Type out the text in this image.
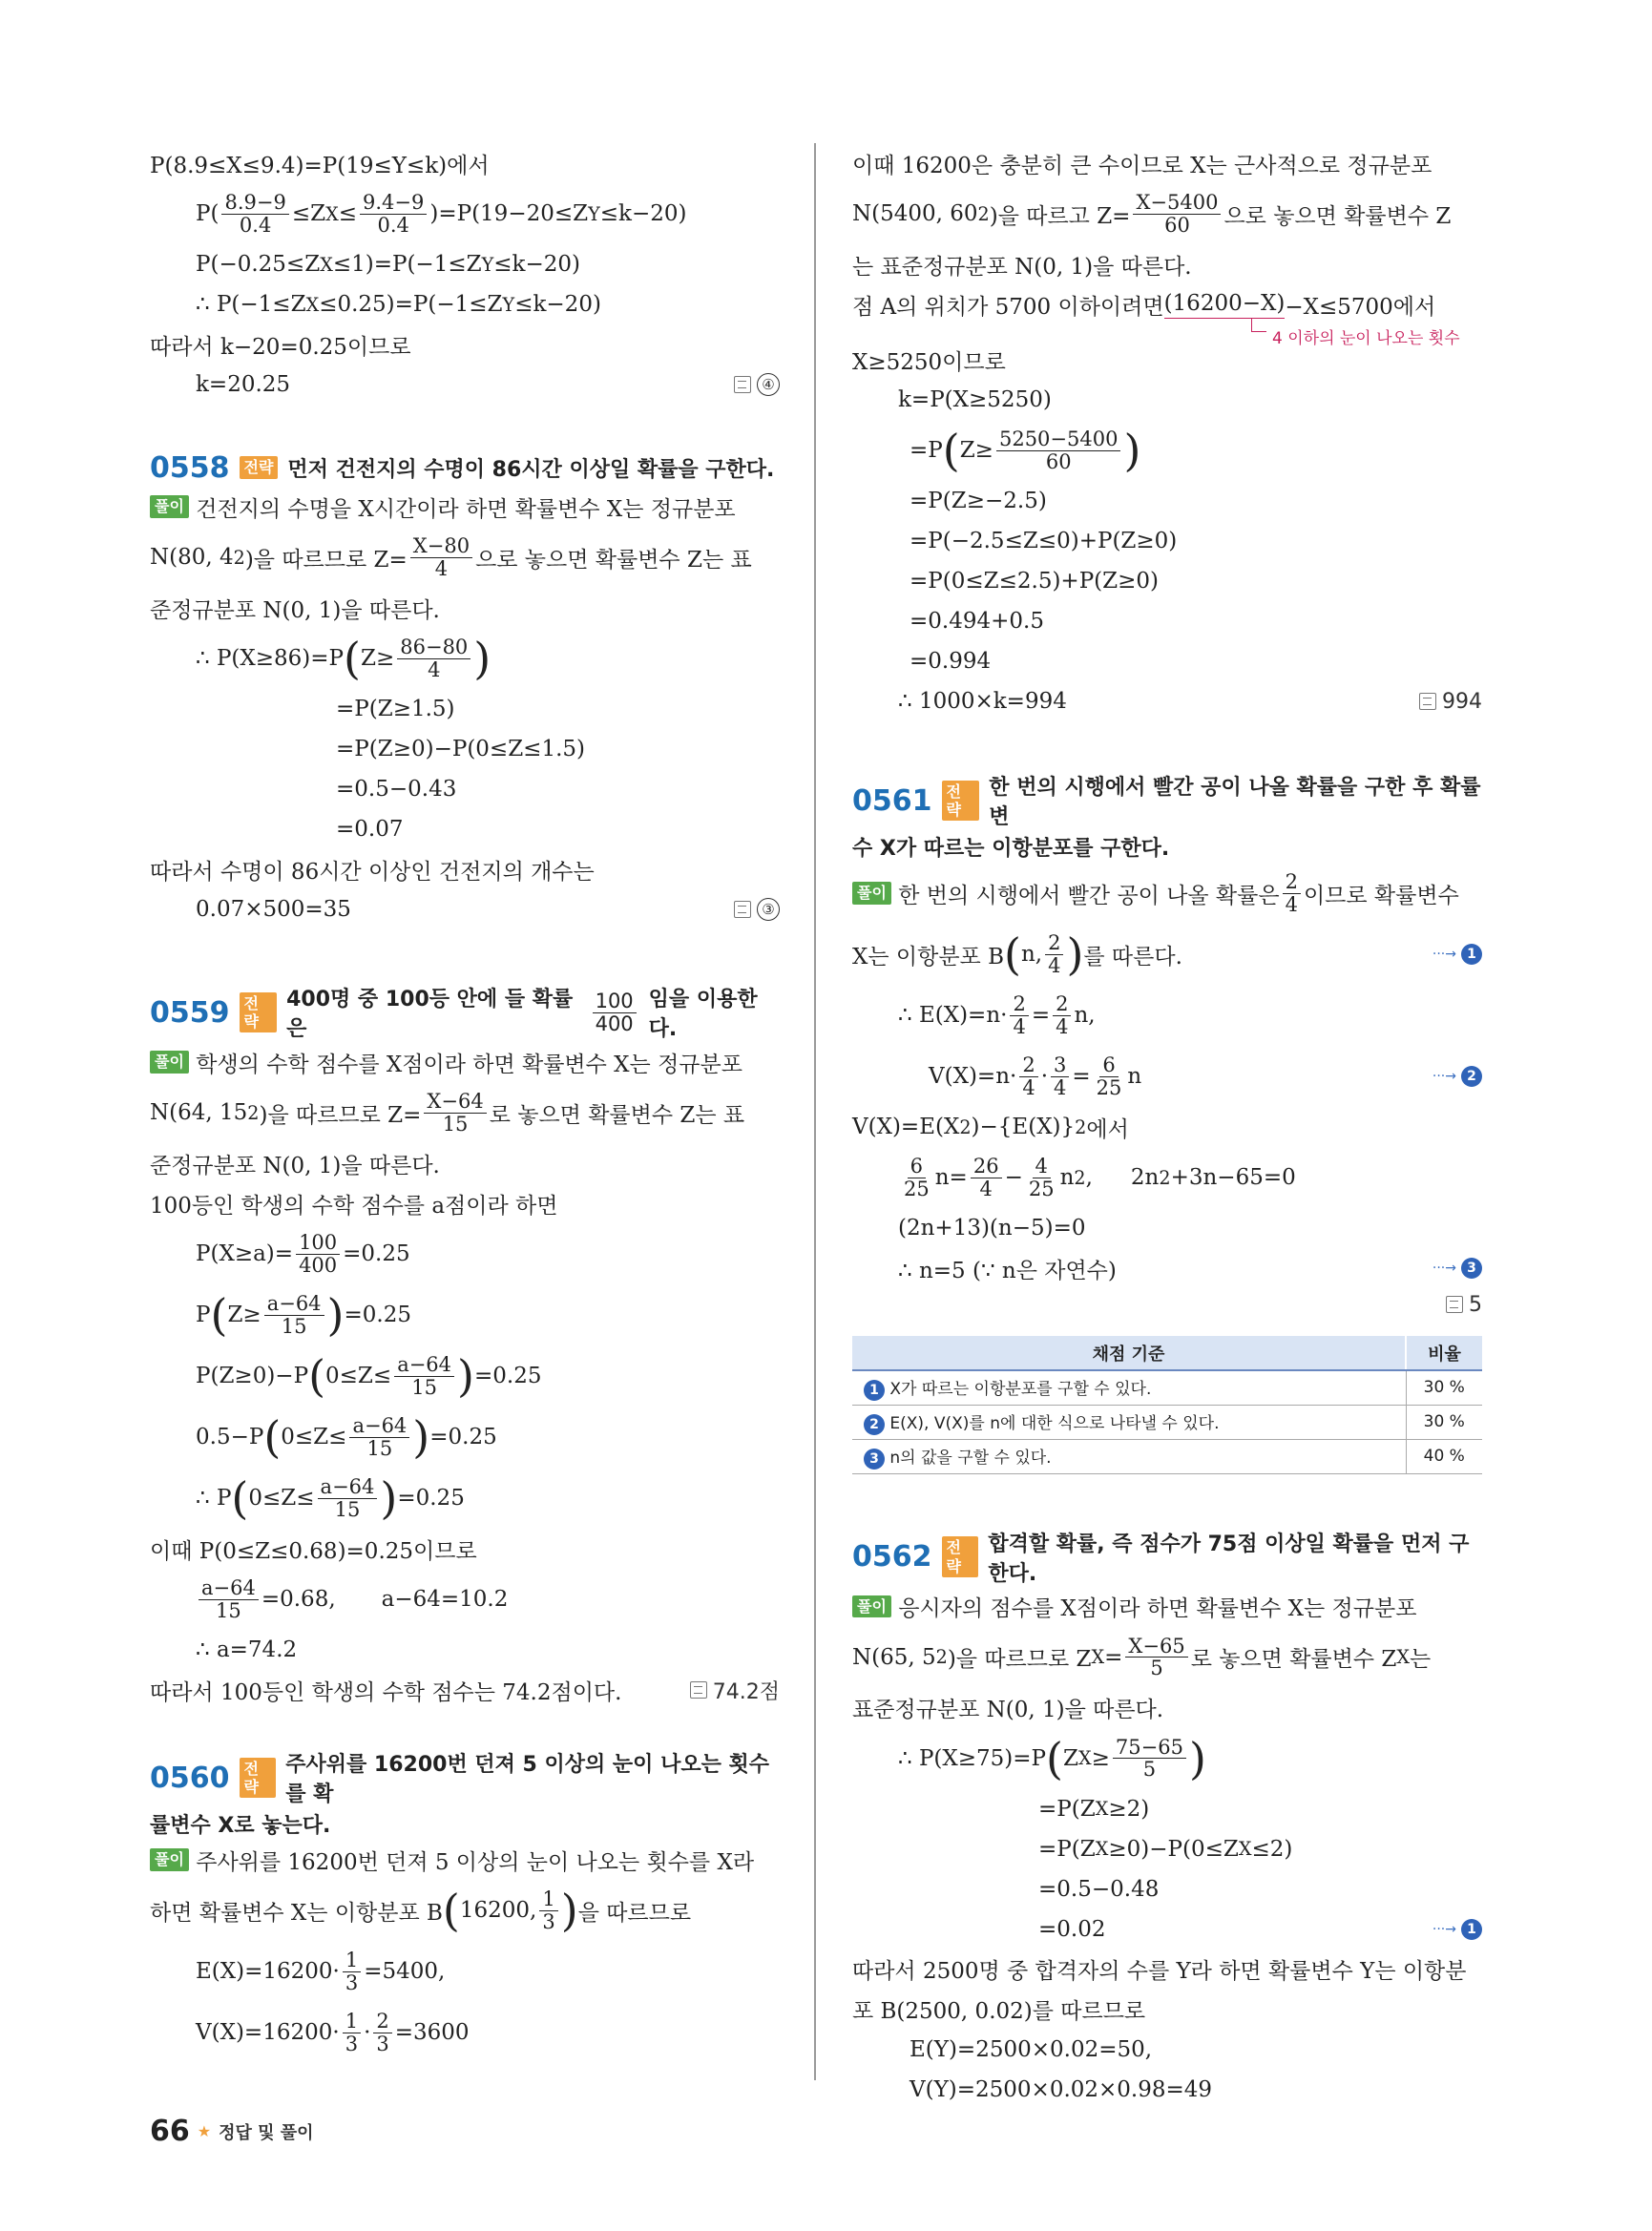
P(8.9≤X≤9.4)=P(19≤Y≤k)에서
$P( \frac{8.9-9}{0.4} \le Z$ $X \le \frac{9.4-9}{0.4} )=P(19-20\le Z$ Y ≤k−20)
P(−0.25≤Z X ≤1)=P(−1≤Z Y ≤k−20)
∴ P(−1≤Z X ≤0.25)=P(−1≤Z Y ≤k−20)
따라서 k−20=0.25이므로
k=20.25	④
0558 전략 먼저 건전지의 수명이 86시간 이상일 확률을 구한다.
풀이
건전지의 수명을 X시간이라 하면 확률변수 X는 정규분포
N(80, 4 2 )을 따르므로 $Z= \frac{X-80}{4}$ 으로 놓으면 확률변수 Z는 표
준정규분포 N(0, 1)을 따른다.
∴ P(X≥86)=P ( $Z\ge \frac{86-80}{4}$ )
=P(Z≥1.5)
=P(Z≥0)−P(0≤Z≤1.5)
=0.5−0.43
=0.07
따라서 수명이 86시간 이상인 건전지의 개수는
0.07×500=35	③
0559 전략
400명 중 100등 안에 들 확률은	$\frac{100}{400}$ 임을 이용한다.
풀이
학생의 수학 점수를 X점이라 하면 확률변수 X는 정규분포
N(64, 15 2 )을 따르므로 $Z= \frac{X-64}{15}$ 로 놓으면 확률변수 Z는 표
준정규분포 N(0, 1)을 따른다.
100등인 학생의 수학 점수를 a점이라 하면
$P(X\ge a)= \frac{100}{400} =0.25$
P ( $Z\ge \frac{a-64}{15}$ ) =0.25
P(Z≥0)−P ( $0\le Z\le \frac{a-64}{15}$ ) =0.25
0.5−P ( $0\le Z\le \frac{a-64}{15}$ ) =0.25
∴ P ( $0\le Z\le \frac{a-64}{15}$ ) =0.25
이때 P(0≤Z≤0.68)=0.25이므로
$\frac{a-64}{15} =0.68$, a−64=10.2
∴ a=74.2
따라서 100등인 학생의 수학 점수는 74.2점이다.	74.2점
0560 전략
주사위를 16200번 던져 5 이상의 눈이 나오는 횟수를 확
률변수 X로 놓는다.
풀이
주사위를 16200번 던져 5 이상의 눈이 나오는 횟수를 X라
하면 확률변수 X는 이항분포 B ( 16200, $\frac{1}{3}$ ) 을 따르므로
$E(X)=16200\cdot \frac{1}{3} =5400$,
$V(X)=16200\cdot \frac{1}{3} \cdot \frac{2}{3} =3600$
이때 16200은 충분히 큰 수이므로 X는 근사적으로 정규분포
N(5400, 60 2 )을 따르고 $Z= \frac{X-5400}{60}$ 으로 놓으면 확률변수 Z
는 표준정규분포 N(0, 1)을 따른다.
점 A의 위치가 5700 이하이려면 (16200−X) −X≤5700에서
4 이하의 눈이 나오는 횟수
X≥5250이므로
k=P(X≥5250)
=P ( $Z\ge \frac{5250-5400}{60}$ )
=P(Z≥−2.5)
=P(−2.5≤Z≤0)+P(Z≥0)
=P(0≤Z≤2.5)+P(Z≥0)
=0.494+0.5
=0.994
∴ 1000×k=994	994
0561 전략
한 번의 시행에서 빨간 공이 나올 확률을 구한 후 확률변
수 X가 따르는 이항분포를 구한다.
풀이
한 번의 시행에서 빨간 공이 나올 확률은 $\frac{2}{4}$ 이므로 확률변수
X는 이항분포 B ( n, $\frac{2}{4}$ ) 를 따른다.	···→ 1
∴ $E(X)=n\cdot \frac{2}{4} = \frac{2}{4} n$,
$V(X)=n\cdot \frac{2}{4} \cdot \frac{3}{4} = 6$
25 n	···→ 2
V(X)=E(X 2 )−{E(X)} 2 에서
6
25 $n= \frac{26}{4} - 4$
25 n 2 , 2n 2 +3n−65=0
(2n+13)(n−5)=0
∴ n=5 (∵ n은 자연수)	···→ 3
5
채점 기준	비율

1 X가 따르는 이항분포를 구할 수 있다.	30 %

2 E(X), V(X)를 n에 대한 식으로 나타낼 수 있다.	30 %

3 n의 값을 구할 수 있다.	40 %
0562 전략
합격할 확률, 즉 점수가 75점 이상일 확률을 먼저 구한다.
풀이
응시자의 점수를 X점이라 하면 확률변수 X는 정규분포
N(65, 5 2 )을 따르므로 Z $X = \frac{X-65}{5}$ 로 놓으면 확률변수 Z X 는
표준정규분포 N(0, 1)을 따른다.
∴ P(X≥75)=P ( Z $X \ge \frac{75-65}{5}$ )
=P(Z X ≥2)
=P(Z X ≥0)−P(0≤Z X ≤2)
=0.5−0.48
=0.02	···→ 1
따라서 2500명 중 합격자의 수를 Y라 하면 확률변수 Y는 이항분
포 B(2500, 0.02)를 따르므로
E(Y)=2500×0.02=50,
V(Y)=2500×0.02×0.98=49
66 ★ 정답 및 풀이
